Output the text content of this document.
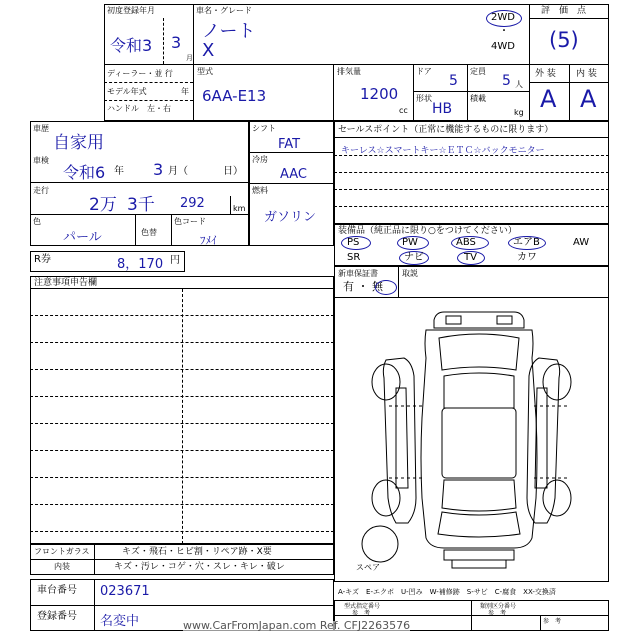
初度登録年月
令和3 3
月
車名・グレード
ノート
X
2WD
・
4WD
評　価　点
(5)
ディーラー・並 行
モデル年式	年
ハンドル　左・右
型式
6AA-E13
排気量
1200
cc
ドア
5
定員
5 人
形状
HB
積載
kg
外 装 内 装
A A
車歴
自家用
車検
令和6 年 3 月（	日）
走行
2万 3千 292	km
色
パール	色替
色コード
ﾌﾒｲ
シフト
FAT
冷房
AAC
燃料
ガソリン
セールスポイント（正常に機能するものに限ります）
キーレス☆スマートキー☆ＥＴＣ☆バックモニター
装備品（純正品に限り○をつけてください）
PS	PW	ABS	エアB	AW
SR	ナビ	TV	カワ
R券	8，170 円
新車保証書
有 ・ 無
取説
注意事項申告欄
スペア
フロントガラス	キズ・飛石・ヒビ割・リペア跡・X要
内装	キズ・汚レ・コゲ・穴・スレ・キレ・破レ
車台番号 023671
登録番号 名変中
A-キズ　E-エクボ　U-凹み　W-補修跡　S-サビ　C-腐食　XX-交換済
型式指定番号
参　考
類別区分番号
参　考
参　考
www.CarFromJapan.com Ref. CFJ2263576
